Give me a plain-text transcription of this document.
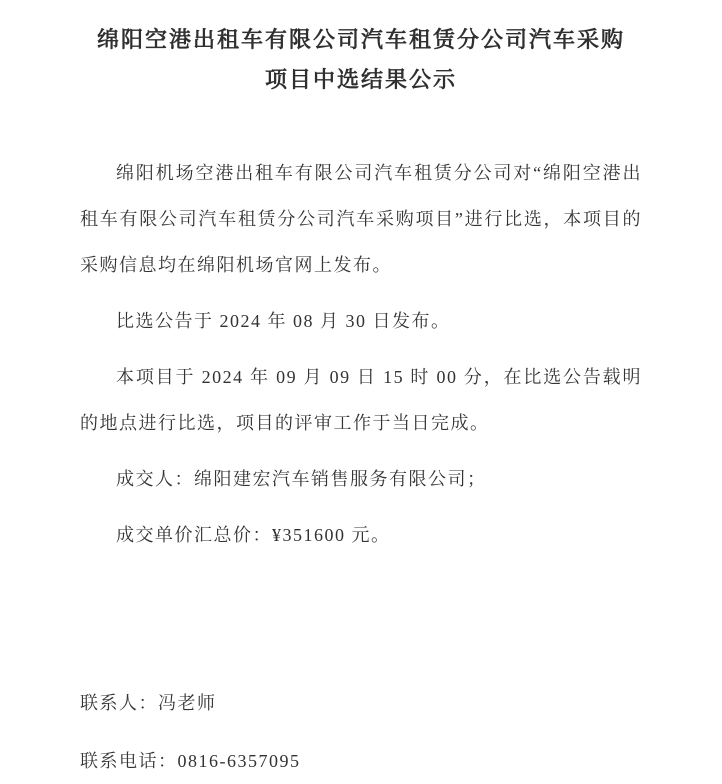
绵阳空港出租车有限公司汽车租赁分公司汽车采购
项目中选结果公示

绵阳机场空港出租车有限公司汽车租赁分公司对“绵阳空港出租车有限公司汽车租赁分公司汽车采购项目”进行比选，本项目的采购信息均在绵阳机场官网上发布。

比选公告于 2024 年 08 月 30 日发布。

本项目于 2024 年 09 月 09 日 15 时 00 分，在比选公告载明的地点进行比选，项目的评审工作于当日完成。

成交人：绵阳建宏汽车销售服务有限公司；

成交单价汇总价：¥351600 元。

联系人：冯老师

联系电话：0816-6357095
